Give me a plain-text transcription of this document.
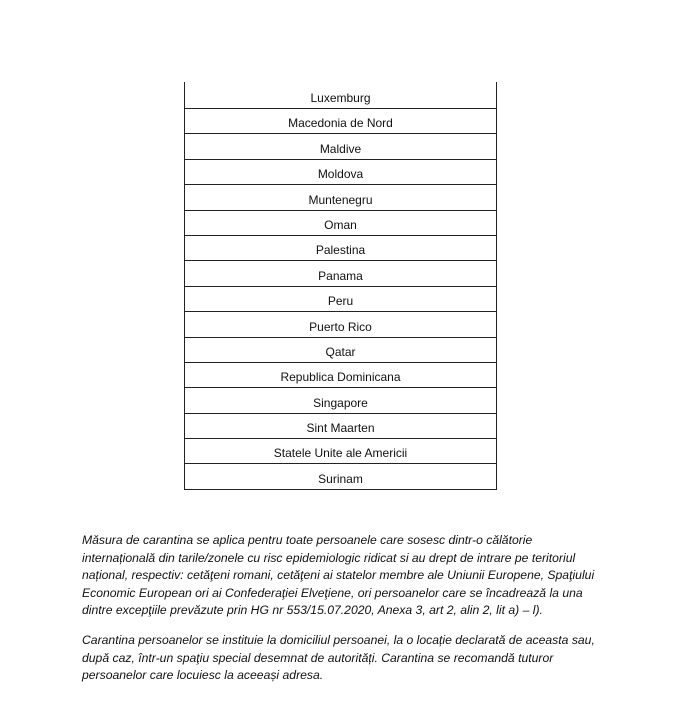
Luxemburg
Macedonia de Nord
Maldive
Moldova
Muntenegru
Oman
Palestina
Panama
Peru
Puerto Rico
Qatar
Republica Dominicana
Singapore
Sint Maarten
Statele Unite ale Americii
Surinam

Măsura de carantina se aplica pentru toate persoanele care sosesc dintr-o călătorie internațională din tarile/zonele cu risc epidemiologic ridicat si au drept de intrare pe teritoriul național, respectiv: cetăţeni romani, cetăţeni ai statelor membre ale Uniunii Europene, Spaţiului Economic European ori ai Confederaţiei Elveţiene, ori persoanelor care se încadrează la una dintre excepţiile prevăzute prin HG nr 553/15.07.2020, Anexa 3, art 2, alin 2, lit a) – l).

Carantina persoanelor se instituie la domiciliul persoanei, la o locație declarată de aceasta sau, după caz, într-un spaţiu special desemnat de autorități. Carantina se recomandă tuturor persoanelor care locuiesc la aceeași adresa.
